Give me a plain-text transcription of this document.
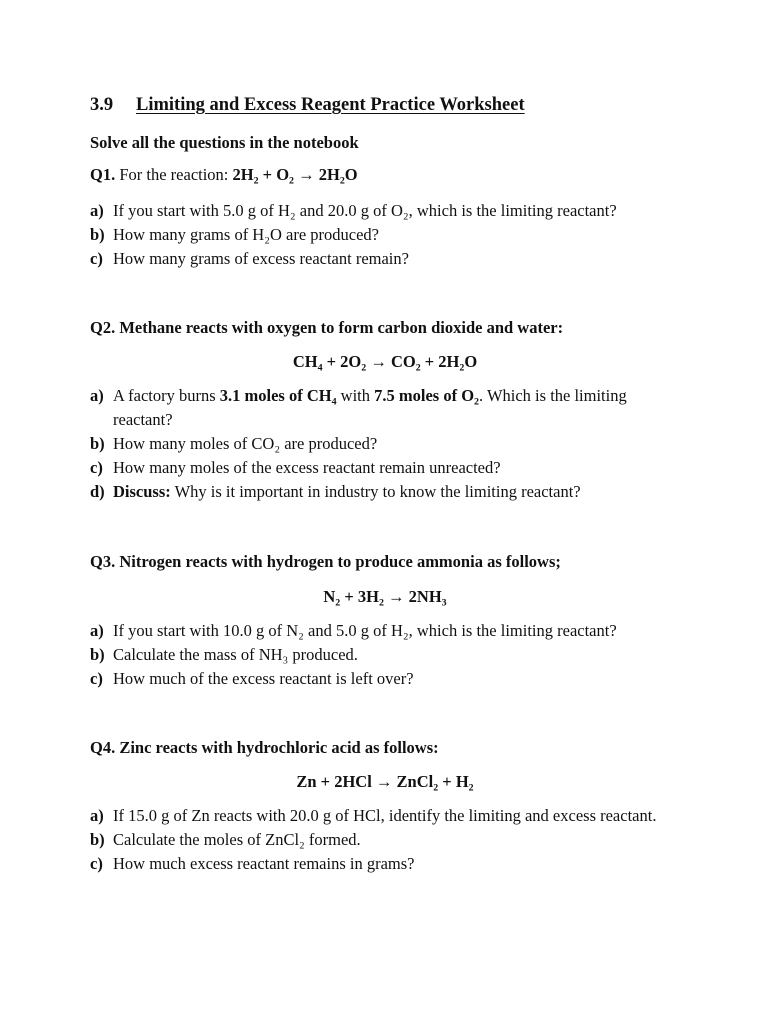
3.9 Limiting and Excess Reagent Practice Worksheet
Solve all the questions in the notebook

Q1. For the reaction: 2H₂ + O₂ → 2H₂O

a) If you start with 5.0 g of H₂ and 20.0 g of O₂, which is the limiting reactant?
b) How many grams of H₂O are produced?
c) How many grams of excess reactant remain?

Q2. Methane reacts with oxygen to form carbon dioxide and water:

CH₄ + 2O₂ → CO₂ + 2H₂O

a) A factory burns 3.1 moles of CH₄ with 7.5 moles of O₂. Which is the limiting reactant?
b) How many moles of CO₂ are produced?
c) How many moles of the excess reactant remain unreacted?
d) Discuss: Why is it important in industry to know the limiting reactant?

Q3. Nitrogen reacts with hydrogen to produce ammonia as follows;

N₂ + 3H₂ → 2NH₃

a) If you start with 10.0 g of N₂ and 5.0 g of H₂, which is the limiting reactant?
b) Calculate the mass of NH₃ produced.
c) How much of the excess reactant is left over?

Q4. Zinc reacts with hydrochloric acid as follows:

Zn + 2HCl → ZnCl₂ + H₂

a) If 15.0 g of Zn reacts with 20.0 g of HCl, identify the limiting and excess reactant.
b) Calculate the moles of ZnCl₂ formed.
c) How much excess reactant remains in grams?
